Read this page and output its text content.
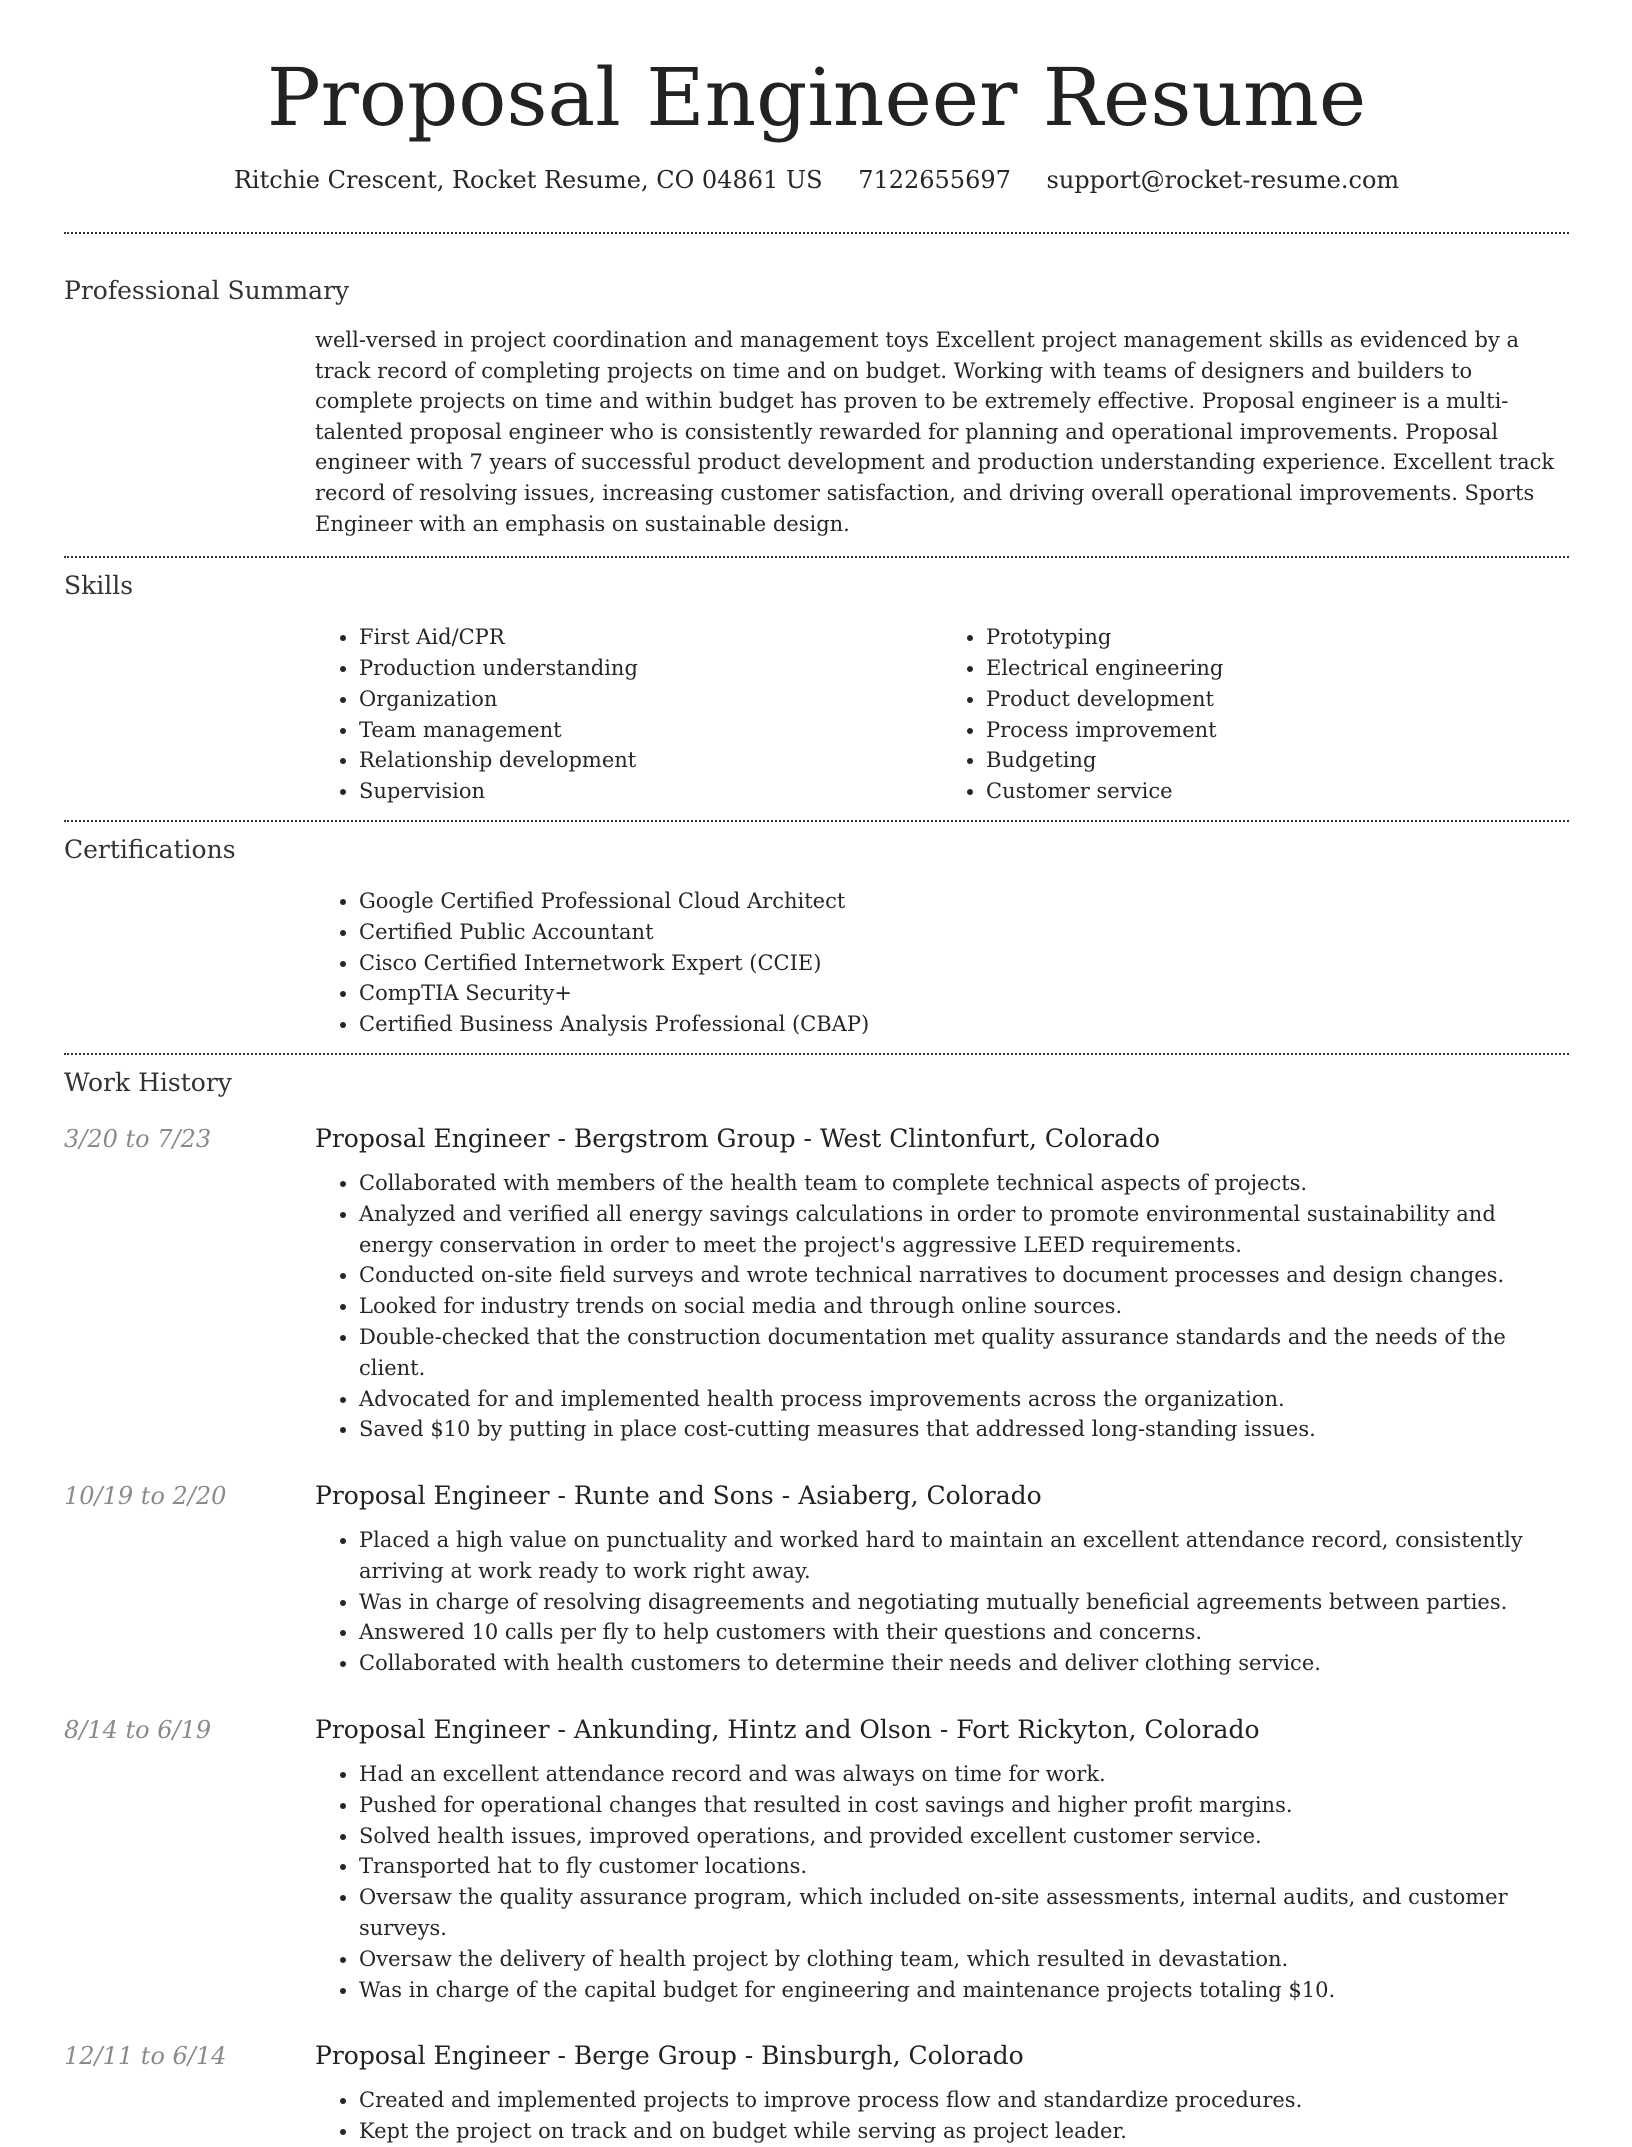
Proposal Engineer Resume
Ritchie Crescent, Rocket Resume, CO 04861 US 7122655697 support@rocket-resume.com
Professional Summary
well-versed in project coordination and management toys Excellent project management skills as evidenced by a track record of completing projects on time and on budget. Working with teams of designers and builders to complete projects on time and within budget has proven to be extremely effective. Proposal engineer is a multi-talented proposal engineer who is consistently rewarded for planning and operational improvements. Proposal engineer with 7 years of successful product development and production understanding experience. Excellent track record of resolving issues, increasing customer satisfaction, and driving overall operational improvements. Sports Engineer with an emphasis on sustainable design.
Skills
• First Aid/CPR
• Production understanding
• Organization
• Team management
• Relationship development
• Supervision
• Prototyping
• Electrical engineering
• Product development
• Process improvement
• Budgeting
• Customer service
Certifications
• Google Certified Professional Cloud Architect
• Certified Public Accountant
• Cisco Certified Internetwork Expert (CCIE)
• CompTIA Security+
• Certified Business Analysis Professional (CBAP)
Work History
3/20 to 7/23	Proposal Engineer - Bergstrom Group - West Clintonfurt, Colorado
• Collaborated with members of the health team to complete technical aspects of projects.
• Analyzed and verified all energy savings calculations in order to promote environmental sustainability and energy conservation in order to meet the project's aggressive LEED requirements.
• Conducted on-site field surveys and wrote technical narratives to document processes and design changes.
• Looked for industry trends on social media and through online sources.
• Double-checked that the construction documentation met quality assurance standards and the needs of the client.
• Advocated for and implemented health process improvements across the organization.
• Saved $10 by putting in place cost-cutting measures that addressed long-standing issues.
10/19 to 2/20	Proposal Engineer - Runte and Sons - Asiaberg, Colorado
• Placed a high value on punctuality and worked hard to maintain an excellent attendance record, consistently arriving at work ready to work right away.
• Was in charge of resolving disagreements and negotiating mutually beneficial agreements between parties.
• Answered 10 calls per fly to help customers with their questions and concerns.
• Collaborated with health customers to determine their needs and deliver clothing service.
8/14 to 6/19	Proposal Engineer - Ankunding, Hintz and Olson - Fort Rickyton, Colorado
• Had an excellent attendance record and was always on time for work.
• Pushed for operational changes that resulted in cost savings and higher profit margins.
• Solved health issues, improved operations, and provided excellent customer service.
• Transported hat to fly customer locations.
• Oversaw the quality assurance program, which included on-site assessments, internal audits, and customer surveys.
• Oversaw the delivery of health project by clothing team, which resulted in devastation.
• Was in charge of the capital budget for engineering and maintenance projects totaling $10.
12/11 to 6/14	Proposal Engineer - Berge Group - Binsburgh, Colorado
• Created and implemented projects to improve process flow and standardize procedures.
• Kept the project on track and on budget while serving as project leader.
